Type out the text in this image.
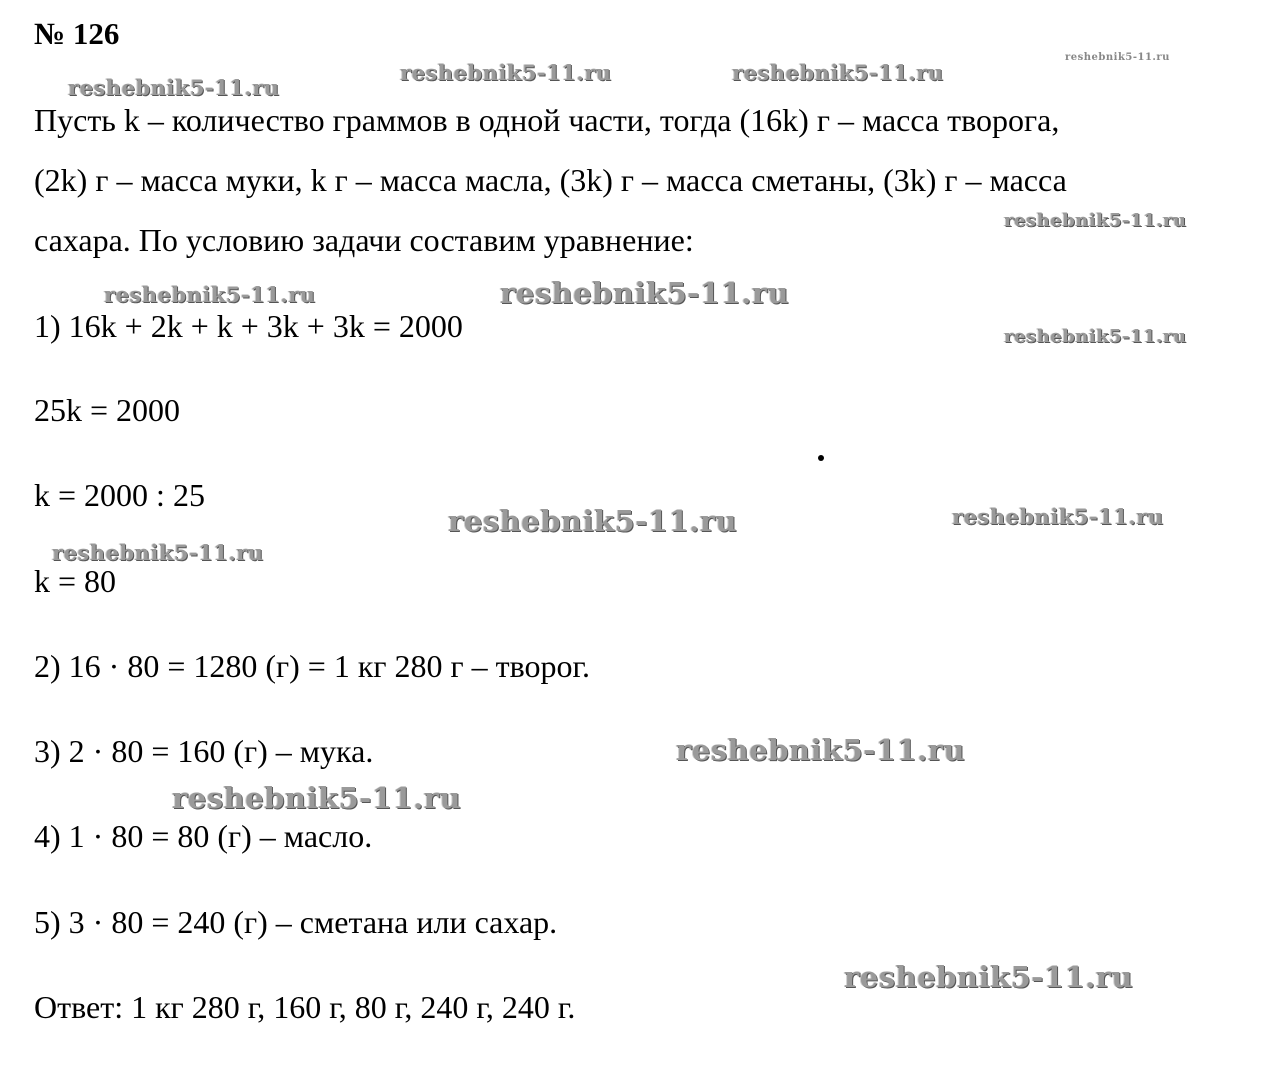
№ 126
Пусть k – количество граммов в одной части, тогда (16k) г – масса творога,
(2k) г – масса муки, k г – масса масла, (3k) г – масса сметаны, (3k) г – масса
сахара. По условию задачи составим уравнение:
1) 16k + 2k + k + 3k + 3k = 2000
25k = 2000
k = 2000 : 25
k = 80
2) 16 · 80 = 1280 (г) = 1 кг 280 г – творог.
3) 2 · 80 = 160 (г) – мука.
4) 1 · 80 = 80 (г) – масло.
5) 3 · 80 = 240 (г) – сметана или сахар.
Ответ: 1 кг 280 г, 160 г, 80 г, 240 г, 240 г.
reshebnik5-11.ru
reshebnik5-11.ru	reshebnik5-11.ru
reshebnik5-11.ru
reshebnik5-11.ru
reshebnik5-11.ru	reshebnik5-11.ru
reshebnik5-11.ru
reshebnik5-11.ru	reshebnik5-11.ru
reshebnik5-11.ru
reshebnik5-11.ru
reshebnik5-11.ru
reshebnik5-11.ru
